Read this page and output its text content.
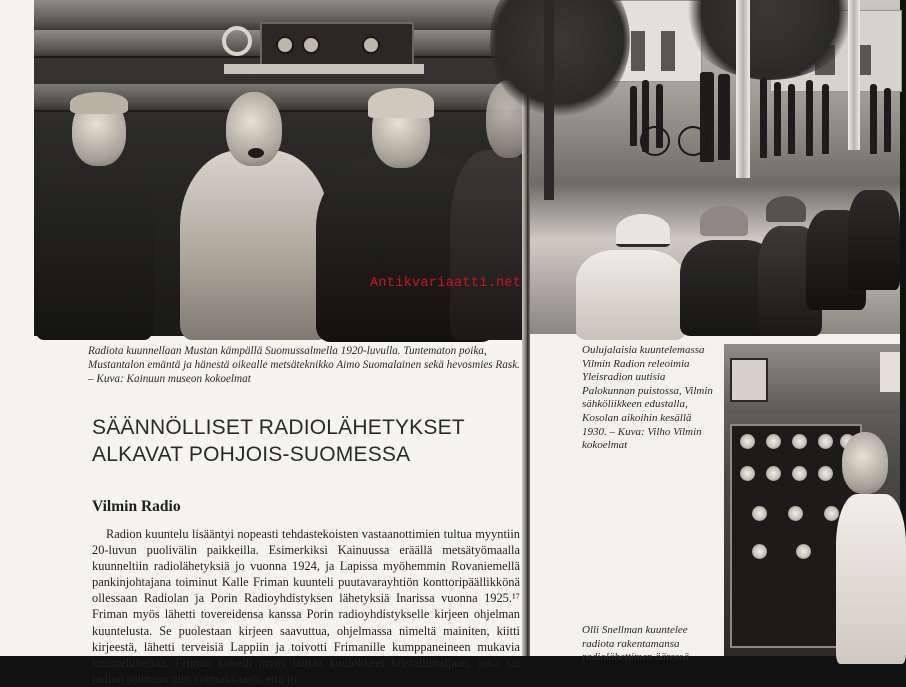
Antikvariaatti.net
Radiota kuunnellaan Mustan kämpällä Suomussalmella 1920-luvulla. Tuntematon poika, Mustantalon emäntä ja hänestä oikealle metsäteknikko Aimo Suomalainen sekä hevosmies Rask. – Kuva: Kainuun museon kokoelmat
SÄÄNNÖLLISET RADIOLÄHETYKSET
ALKAVAT POHJOIS-SUOMESSA
Vilmin Radio

Radion kuuntelu lisääntyi nopeasti tehdastekoisten vastaanottimien tultua myyntiin 20-luvun puolivälin paikkeilla. Esimerkiksi Kainuussa eräällä metsätyömaalla kuunneltiin radiolähetyksiä jo vuonna 1924, ja Lapissa myöhemmin Rovaniemellä pankinjohtajana toiminut Kalle Friman kuunteli puutavarayhtiön konttoripäällikkönä ollessaan Radiolan ja Porin Radioyhdistyksen lähetyksiä Inarissa vuonna 1925.¹⁷ Friman myös lähetti tovereidensa kanssa Porin radioyhdistykselle kirjeen ohjelman kuuntelusta. Se puolestaan kirjeen saavuttua, ohjelmassa nimeltä mainiten, kiitti kirjeestä, lähetti terveisiä Lappiin ja toivotti Frimanille kumppaneineen mukavia kuunteluhetkiä. Friman kokeili myös laittaa kuulokkeet kristallimaljaan, joka sai radion soimaan niin voimakkaasti, että jo

Oulujalaisia kuuntelemassa Vilmin Radion releoimia Yleisradion uutisia Palokunnan puistossa, Vilmin sähköliikkeen edustalla, Kosolan aikoihin kesällä 1930. – Kuva: Vilho Vilmin kokoelmat
Olli Snellman kuuntelee radiota rakentamansa radiolähettimen ääressä
